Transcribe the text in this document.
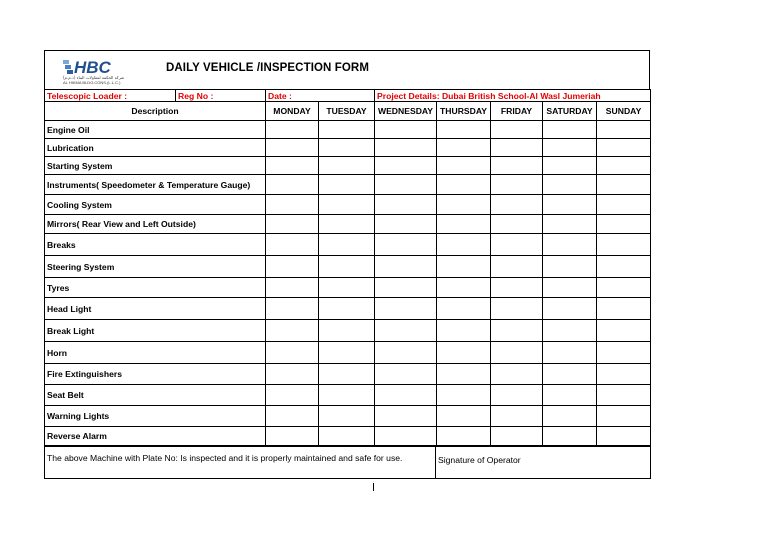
HBC
شركة الحكمة لمقاولات البناء (ذ.م.م)
AL HIKMA BLDG.CONS.(L.L.C.)
DAILY VEHICLE /INSPECTION FORM
Telescopic Loader :	Reg No :	Date :		Project Details: Dubai British School-Al Wasl Jumeriah				
Description		MONDAY	TUESDAY	WEDNESDAY	THURSDAY	FRIDAY	SATURDAY	SUNDAY
Engine Oil								
Lubrication								
Starting System								
Instruments( Speedometer & Temperature Gauge)								
Cooling System								
Mirrors( Rear View and Left Outside)								
Breaks								
Steering System								
Tyres								
Head Light								
Break Light								
Horn								
Fire Extinguishers								
Seat Belt								
Warning Lights								
Reverse Alarm								
The above Machine with Plate No: Is inspected and it is properly maintained and safe for use.	Signature of Operator
